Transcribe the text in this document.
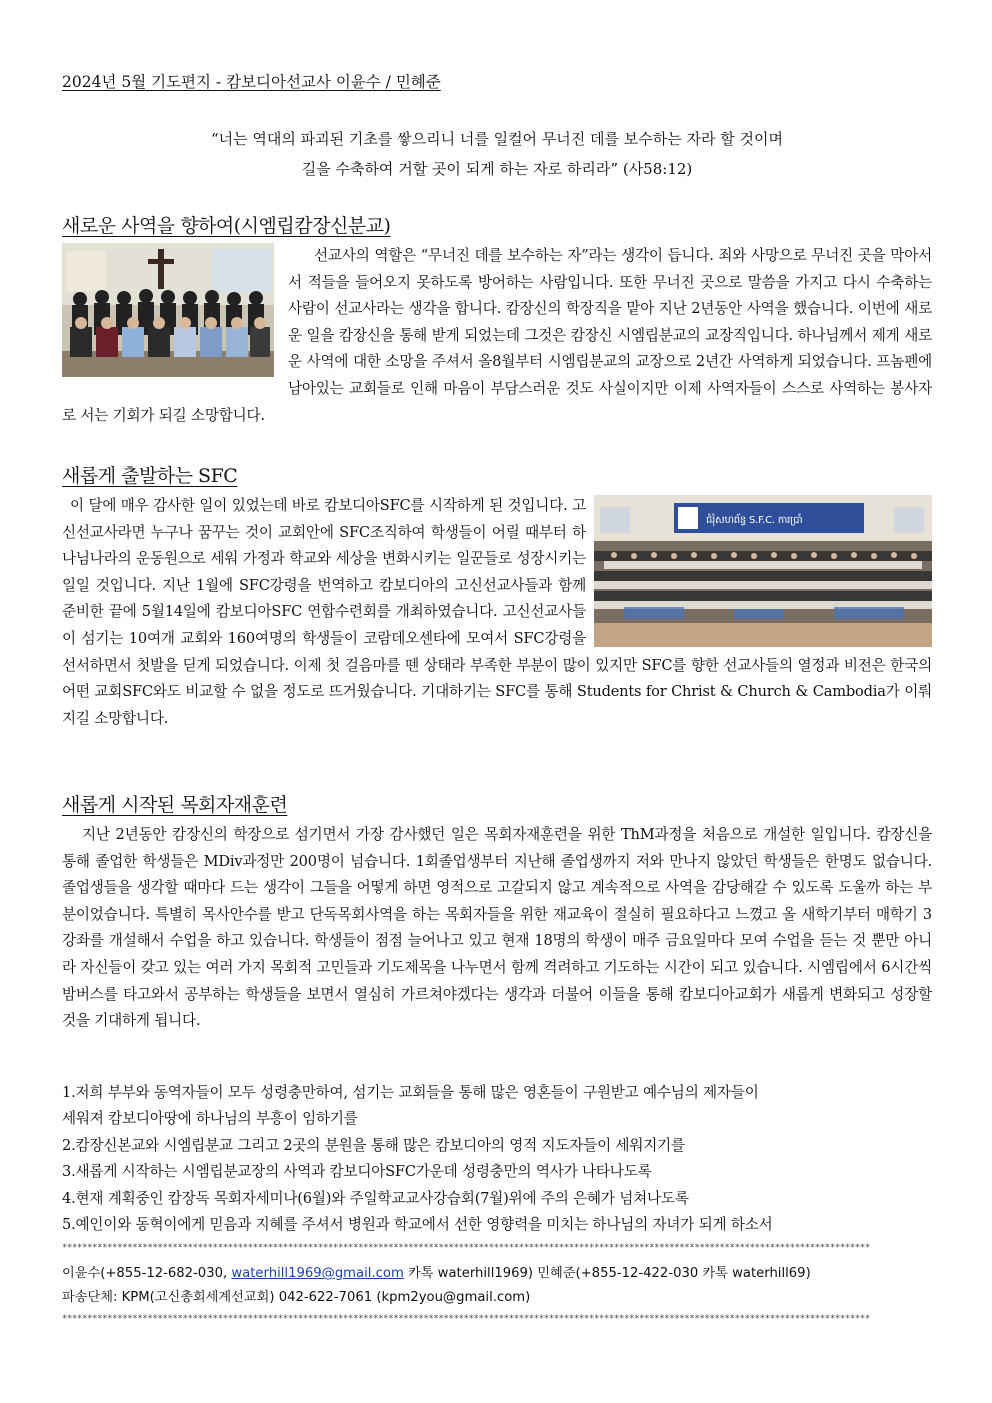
2024년 5월 기도편지 - 캄보디아선교사 이윤수 / 민혜준
“너는 역대의 파괴된 기초를 쌓으리니 너를 일컬어 무너진 데를 보수하는 자라 할 것이며
길을 수축하여 거할 곳이 되게 하는 자로 하리라” (사58:12)
새로운 사역을 향하여(시엠립캄장신분교)

선교사의 역할은 “무너진 데를 보수하는 자”라는 생각이 듭니다. 죄와 사망으로 무너진 곳을 막아서서 적들을 들어오지 못하도록 방어하는 사람입니다. 또한 무너진 곳으로 말씀을 가지고 다시 수축하는 사람이 선교사라는 생각을 합니다. 캄장신의 학장직을 맡아 지난 2년동안 사역을 했습니다. 이번에 새로운 일을 캄장신을 통해 받게 되었는데 그것은 캄장신 시엠립분교의 교장직입니다. 하나님께서 제게 새로운 사역에 대한 소망을 주셔서 올8월부터 시엠립분교의 교장으로 2년간 사역하게 되었습니다. 프놈펜에 남아있는 교회들로 인해 마음이 부담스러운 것도 사실이지만 이제 사역자들이 스스로 사역하는 봉사자로 서는 기회가 되길 소망합니다.

새롭게 출발하는 SFC
ជំរុំសហព័ន្ធ S.F.C. ការប្រាំ

이 달에 매우 감사한 일이 있었는데 바로 캄보디아SFC를 시작하게 된 것입니다. 고신선교사라면 누구나 꿈꾸는 것이 교회안에 SFC조직하여 학생들이 어릴 때부터 하나님나라의 운동원으로 세워 가정과 학교와 세상을 변화시키는 일꾼들로 성장시키는 일일 것입니다. 지난 1월에 SFC강령을 번역하고 캄보디아의 고신선교사들과 함께 준비한 끝에 5월14일에 캄보디아SFC 연합수련회를 개최하였습니다. 고신선교사들이 섬기는 10여개 교회와 160여명의 학생들이 코람데오센타에 모여서 SFC강령을 선서하면서 첫발을 딛게 되었습니다. 이제 첫 걸음마를 뗀 상태라 부족한 부분이 많이 있지만 SFC를 향한 선교사들의 열정과 비전은 한국의 어떤 교회SFC와도 비교할 수 없을 정도로 뜨거웠습니다. 기대하기는 SFC를 통해 Students for Christ & Church & Cambodia가 이뤄지길 소망합니다.

새롭게 시작된 목회자재훈련

지난 2년동안 캄장신의 학장으로 섬기면서 가장 감사했던 일은 목회자재훈련을 위한 ThM과정을 처음으로 개설한 일입니다. 캄장신을 통해 졸업한 학생들은 MDiv과정만 200명이 넘습니다. 1회졸업생부터 지난해 졸업생까지 저와 만나지 않았던 학생들은 한명도 없습니다. 졸업생들을 생각할 때마다 드는 생각이 그들을 어떻게 하면 영적으로 고갈되지 않고 계속적으로 사역을 감당해갈 수 있도록 도울까 하는 부분이었습니다. 특별히 목사안수를 받고 단독목회사역을 하는 목회자들을 위한 재교육이 절실히 필요하다고 느꼈고 올 새학기부터 매학기 3강좌를 개설해서 수업을 하고 있습니다. 학생들이 점점 늘어나고 있고 현재 18명의 학생이 매주 금요일마다 모여 수업을 듣는 것 뿐만 아니라 자신들이 갖고 있는 여러 가지 목회적 고민들과 기도제목을 나누면서 함께 격려하고 기도하는 시간이 되고 있습니다. 시엠립에서 6시간씩 밤버스를 타고와서 공부하는 학생들을 보면서 열심히 가르쳐야겠다는 생각과 더불어 이들을 통해 캄보디아교회가 새롭게 변화되고 성장할 것을 기대하게 됩니다.

1.저희 부부와 동역자들이 모두 성령충만하여, 섬기는 교회들을 통해 많은 영혼들이 구원받고 예수님의 제자들이
세워져 캄보디아땅에 하나님의 부흥이 임하기를
2.캄장신본교와 시엠립분교 그리고 2곳의 분원을 통해 많은 캄보디아의 영적 지도자들이 세워지기를
3.새롭게 시작하는 시엠립분교장의 사역과 캄보디아SFC가운데 성령충만의 역사가 나타나도록
4.현재 계획중인 캄장독 목회자세미나(6월)와 주일학교교사강습회(7월)위에 주의 은혜가 넘쳐나도록
5.예인이와 동혁이에게 믿음과 지혜를 주셔서 병원과 학교에서 선한 영향력을 미치는 하나님의 자녀가 되게 하소서
*****************************************************************************************************************************************************************
이윤수(+855-12-682-030, waterhill1969@gmail.com 카톡 waterhill1969) 민혜준(+855-12-422-030 카톡 waterhill69)
파송단체: KPM(고신총회세계선교회) 042-622-7061 (kpm2you@gmail.com)
*****************************************************************************************************************************************************************
